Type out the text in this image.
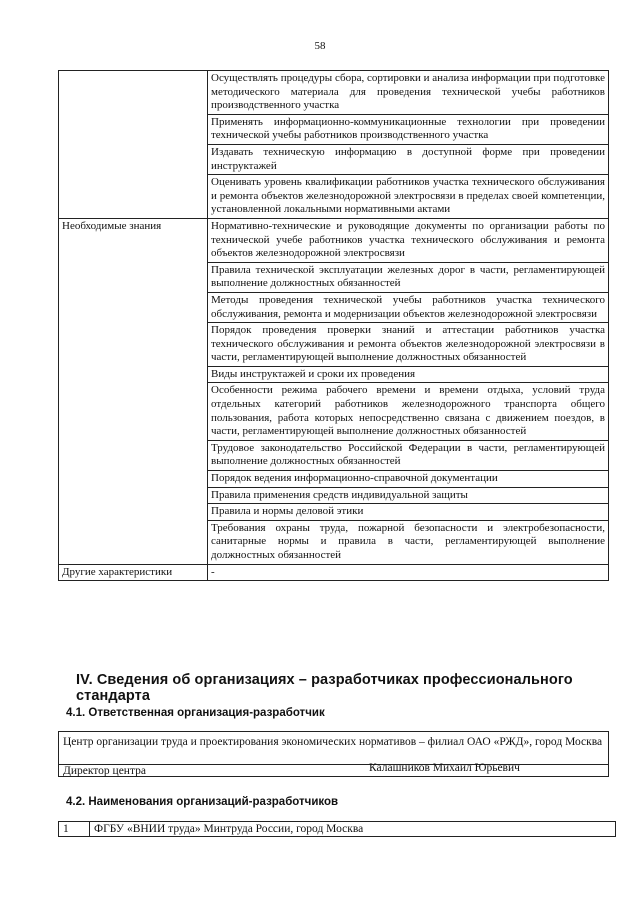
58
	Осуществлять процедуры сбора, сортировки и анализа информации при подготовке методического материала для проведения технической учебы работников производственного участка
	Применять информационно-коммуникационные технологии при проведении технической учебы работников производственного участка
	Издавать техническую информацию в доступной форме при проведении инструктажей
	Оценивать уровень квалификации работников участка технического обслуживания и ремонта объектов железнодорожной электросвязи в пределах своей компетенции, установленной локальными нормативными актами
Необходимые знания	Нормативно-технические и руководящие документы по организации работы по технической учебе работников участка технического обслуживания и ремонта объектов железнодорожной электросвязи
	Правила технической эксплуатации железных дорог в части, регламентирующей выполнение должностных обязанностей
	Методы проведения технической учебы работников участка технического обслуживания, ремонта и модернизации объектов железнодорожной электросвязи
	Порядок проведения проверки знаний и аттестации работников участка технического обслуживания и ремонта объектов железнодорожной электросвязи в части, регламентирующей выполнение должностных обязанностей
	Виды инструктажей и сроки их проведения
	Особенности режима рабочего времени и времени отдыха, условий труда отдельных категорий работников железнодорожного транспорта общего пользования, работа которых непосредственно связана с движением поездов, в части, регламентирующей выполнение должностных обязанностей
	Трудовое законодательство Российской Федерации в части, регламентирующей выполнение должностных обязанностей
	Порядок ведения информационно-справочной документации
	Правила применения средств индивидуальной защиты
	Правила и нормы деловой этики
	Требования охраны труда, пожарной безопасности и электробезопасности, санитарные нормы и правила в части, регламентирующей выполнение должностных обязанностей
Другие характеристики	-
IV. Сведения об организациях – разработчиках профессионального стандарта
4.1. Ответственная организация-разработчик
Центр организации труда и проектирования экономических нормативов – филиал ОАО «РЖД», город Москва
Директор центра	Калашников Михаил Юрьевич
4.2. Наименования организаций-разработчиков
1	ФГБУ «ВНИИ труда» Минтруда России, город Москва
